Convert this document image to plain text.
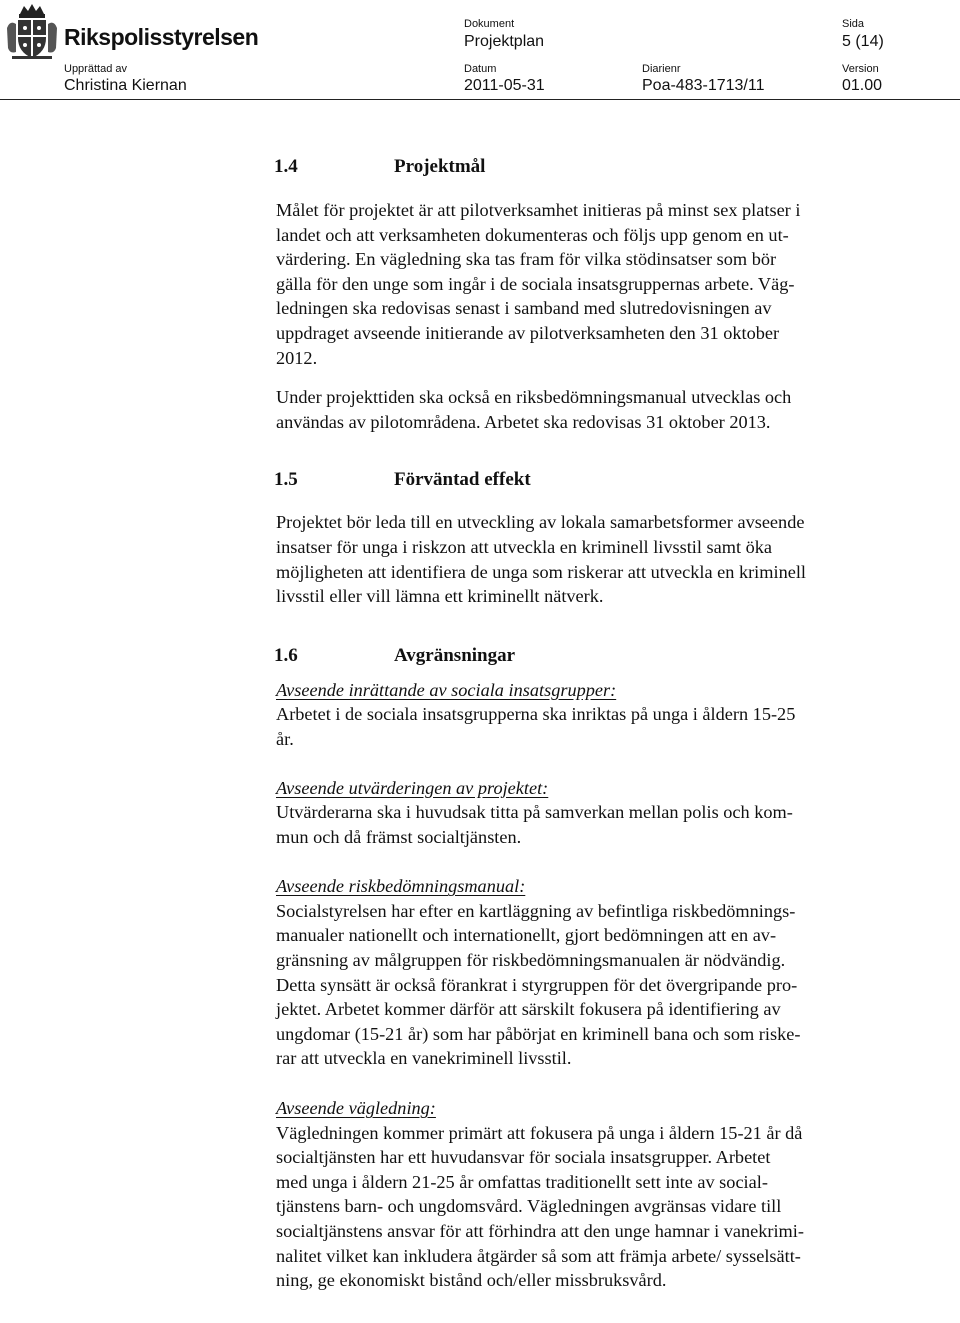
Rikspolisstyrelsen	Dokument
Projektplan
Sida
5 (14)
Upprättad av
Christina Kiernan
Datum
2011-05-31
Diarienr
Poa-483-1713/11
Version
01.00
1.4	Projektmål

Målet för projektet är att pilotverksamhet initieras på minst sex platser i
landet och att verksamheten dokumenteras och följs upp genom en ut-
värdering. En vägledning ska tas fram för vilka stödinsatser som bör
gälla för den unge som ingår i de sociala insatsgruppernas arbete. Väg-
ledningen ska redovisas senast i samband med slutredovisningen av
uppdraget avseende initierande av pilotverksamheten den 31 oktober
2012.

Under projekttiden ska också en riksbedömningsmanual utvecklas och
användas av pilotområdena. Arbetet ska redovisas 31 oktober 2013.

1.5	Förväntad effekt

Projektet bör leda till en utveckling av lokala samarbetsformer avseende
insatser för unga i riskzon att utveckla en kriminell livsstil samt öka
möjligheten att identifiera de unga som riskerar att utveckla en kriminell
livsstil eller vill lämna ett kriminellt nätverk.

1.6	Avgränsningar
Avseende inrättande av sociala insatsgrupper:

Arbetet i de sociala insatsgrupperna ska inriktas på unga i åldern 15-25
år.

Avseende utvärderingen av projektet:

Utvärderarna ska i huvudsak titta på samverkan mellan polis och kom-
mun och då främst socialtjänsten.

Avseende riskbedömningsmanual:

Socialstyrelsen har efter en kartläggning av befintliga riskbedömnings-
manualer nationellt och internationellt, gjort bedömningen att en av-
gränsning av målgruppen för riskbedömningsmanualen är nödvändig.
Detta synsätt är också förankrat i styrgruppen för det övergripande pro-
jektet. Arbetet kommer därför att särskilt fokusera på identifiering av
ungdomar (15-21 år) som har påbörjat en kriminell bana och som riske-
rar att utveckla en vanekriminell livsstil.

Avseende vägledning:

Vägledningen kommer primärt att fokusera på unga i åldern 15-21 år då
socialtjänsten har ett huvudansvar för sociala insatsgrupper. Arbetet
med unga i åldern 21-25 år omfattas traditionellt sett inte av social-
tjänstens barn- och ungdomsvård. Vägledningen avgränsas vidare till
socialtjänstens ansvar för att förhindra att den unge hamnar i vanekrimi-
nalitet vilket kan inkludera åtgärder så som att främja arbete/ sysselsätt-
ning, ge ekonomiskt bistånd och/eller missbruksvård.
